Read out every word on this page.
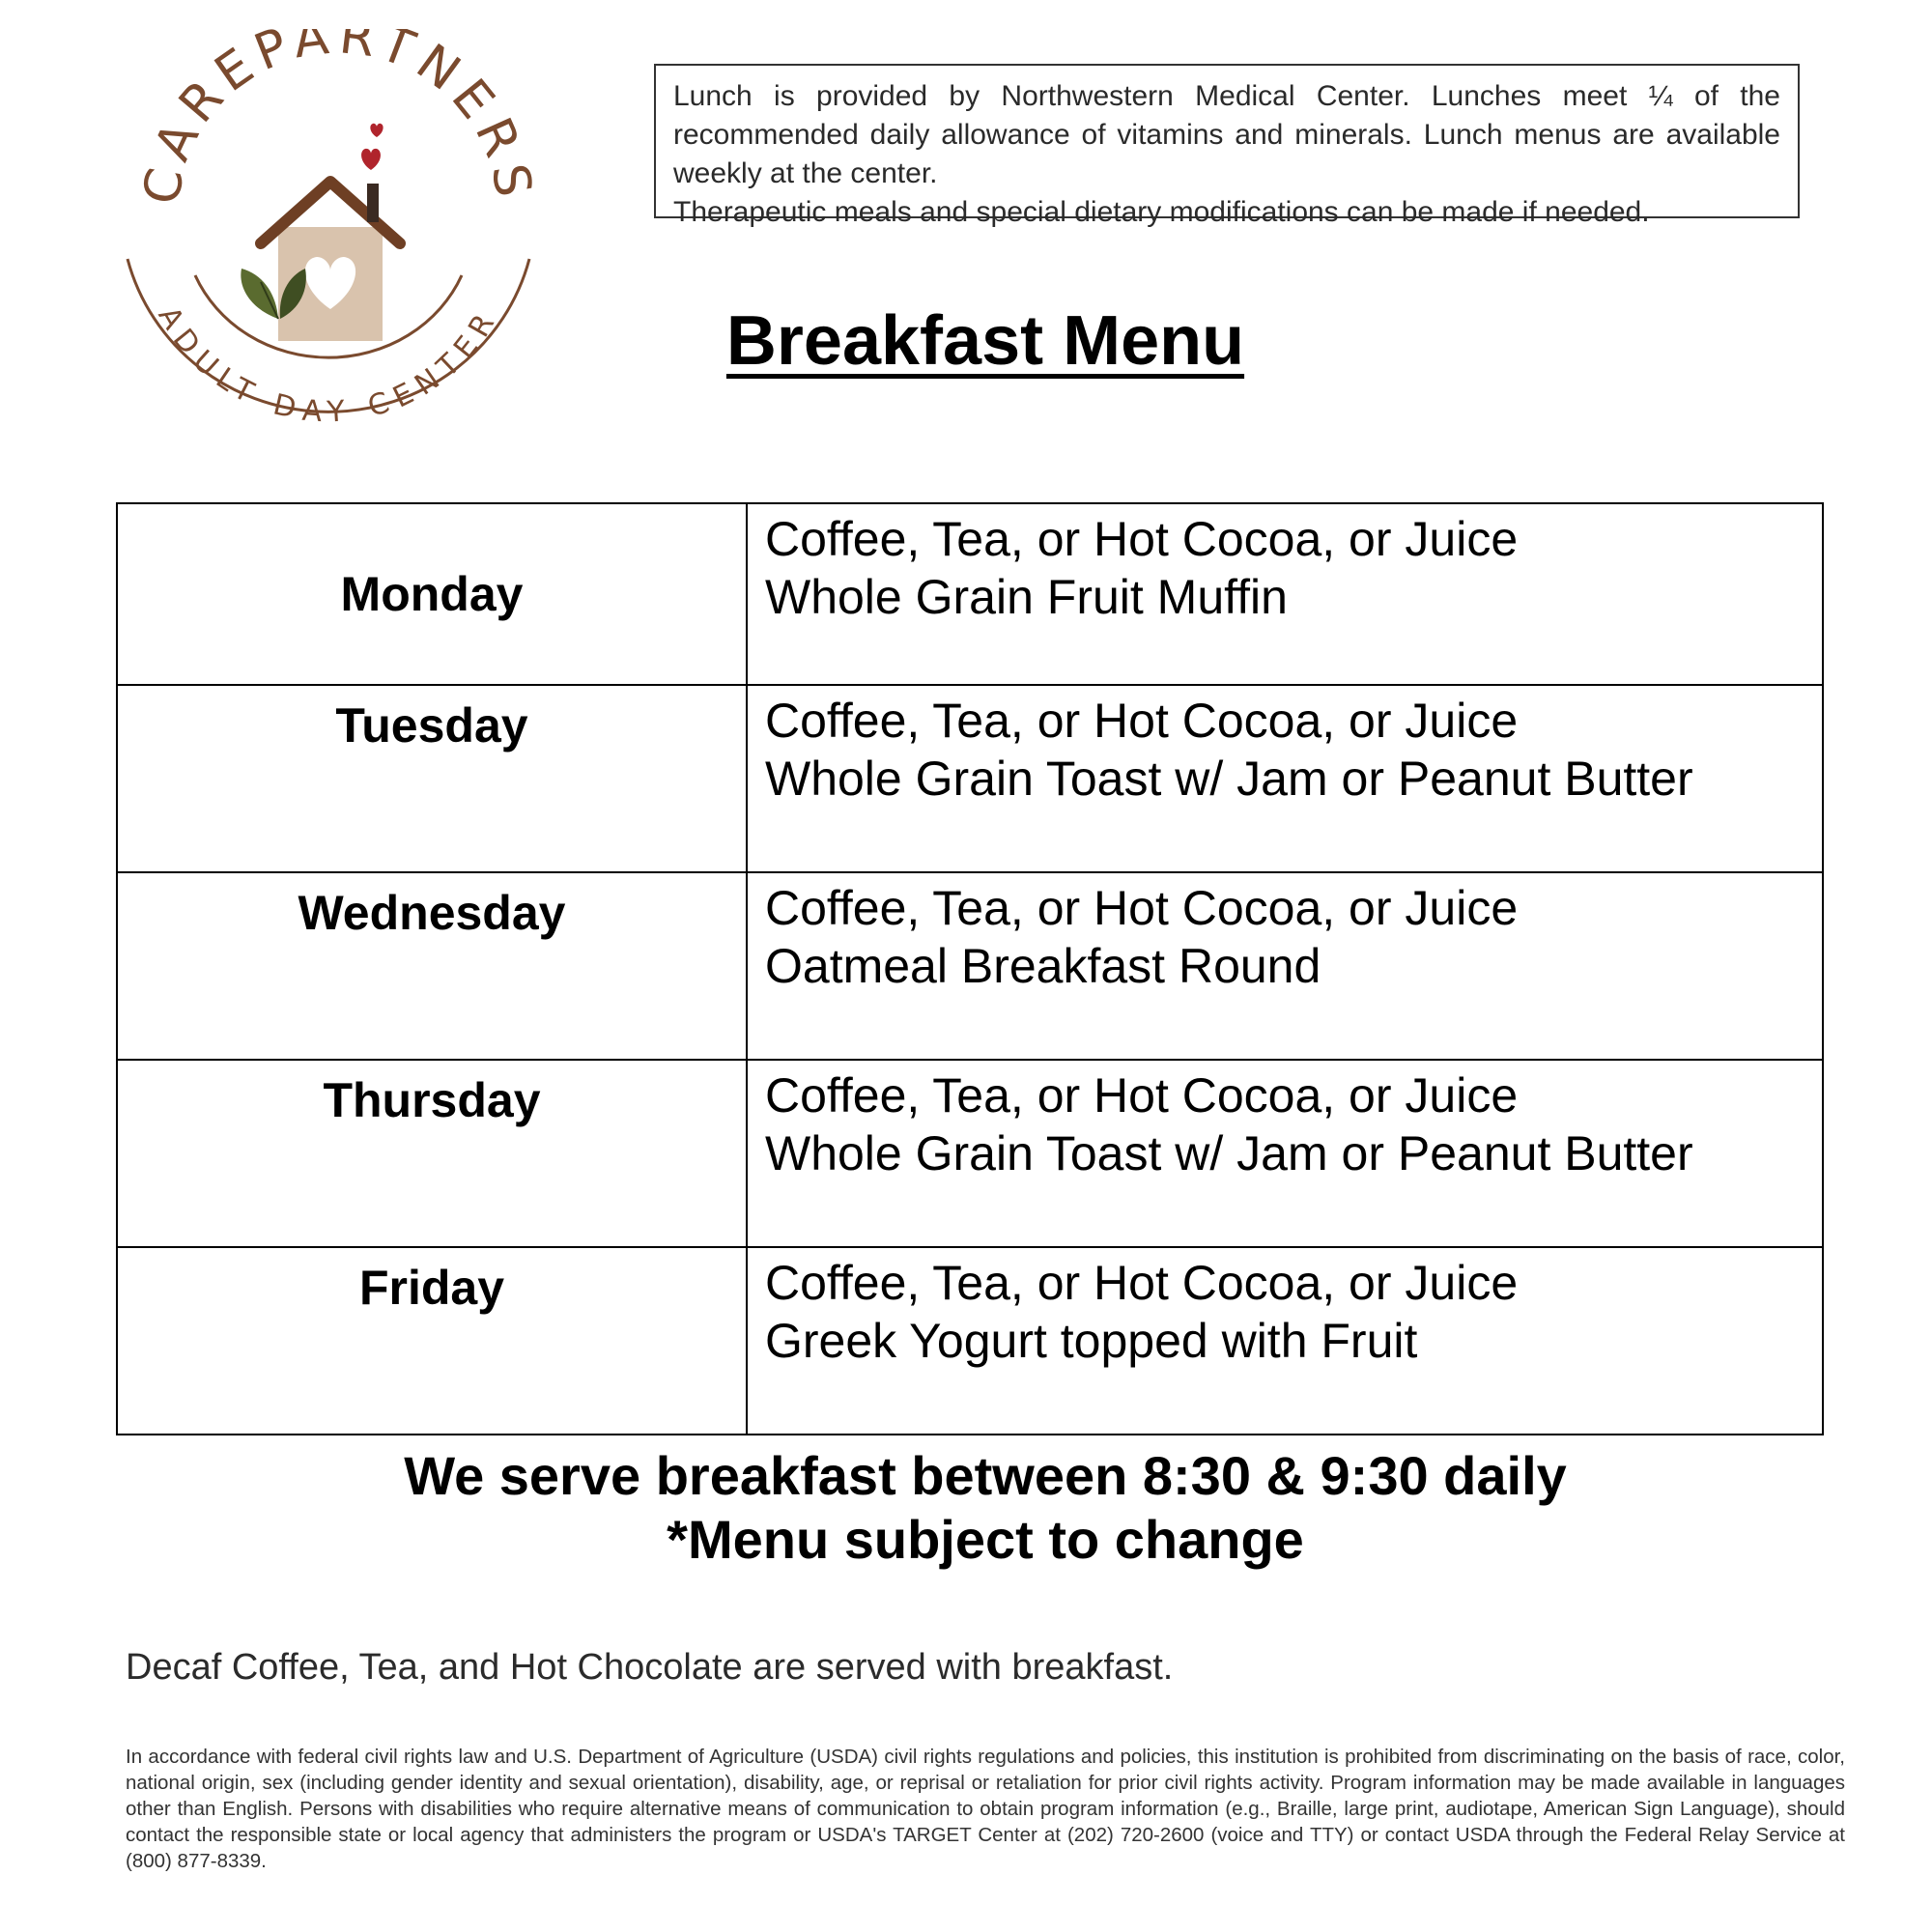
CAREPARTNERS
ADULT DAY CENTER

Lunch is provided by Northwestern Medical Center. Lunches meet ¼ of the recommended daily allowance of vitamins and minerals. Lunch menus are available weekly at the center.

Therapeutic meals and special dietary modifications can be made if needed.

Breakfast Menu
Monday	Coffee, Tea, or Hot Cocoa, or Juice
Whole Grain Fruit Muffin

Tuesday	Coffee, Tea, or Hot Cocoa, or Juice
Whole Grain Toast w/ Jam or Peanut Butter

Wednesday	Coffee, Tea, or Hot Cocoa, or Juice
Oatmeal Breakfast Round

Thursday	Coffee, Tea, or Hot Cocoa, or Juice
Whole Grain Toast w/ Jam or Peanut Butter

Friday	Coffee, Tea, or Hot Cocoa, or Juice
Greek Yogurt topped with Fruit
We serve breakfast between 8:30 & 9:30 daily
*Menu subject to change
Decaf Coffee, Tea, and Hot Chocolate are served with breakfast.
In accordance with federal civil rights law and U.S. Department of Agriculture (USDA) civil rights regulations and policies, this institution is prohibited from discriminating on the basis of race, color, national origin, sex (including gender identity and sexual orientation), disability, age, or reprisal or retaliation for prior civil rights activity. Program information may be made available in languages other than English. Persons with disabilities who require alternative means of communication to obtain program information (e.g., Braille, large print, audiotape, American Sign Language), should contact the responsible state or local agency that administers the program or USDA's TARGET Center at (202) 720-2600 (voice and TTY) or contact USDA through the Federal Relay Service at (800) 877-8339.
